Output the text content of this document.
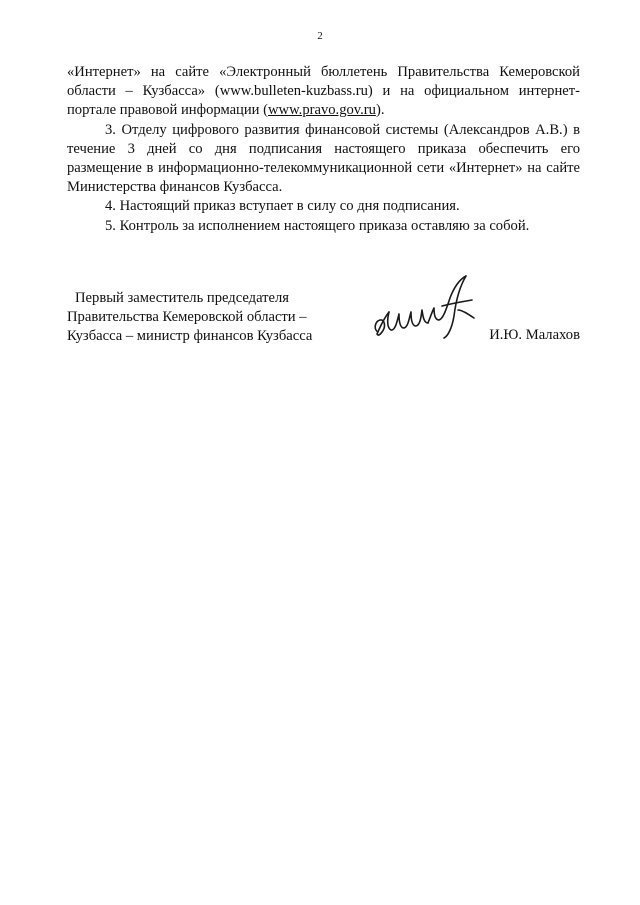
2

«Интернет» на сайте «Электронный бюллетень Правительства Кемеровской области – Кузбасса» (www.bulleten-kuzbass.ru) и на официальном интернет-портале правовой информации (www.pravo.gov.ru).

3. Отделу цифрового развития финансовой системы (Александров А.В.) в течение 3 дней со дня подписания настоящего приказа обеспечить его размещение в информационно-телекоммуникационной сети «Интернет» на сайте Министерства финансов Кузбасса.

4. Настоящий приказ вступает в силу со дня подписания.

5. Контроль за исполнением настоящего приказа оставляю за собой.

Первый заместитель председателя
Правительства Кемеровской области –
Кузбасса – министр финансов Кузбасса	И.Ю. Малахов
